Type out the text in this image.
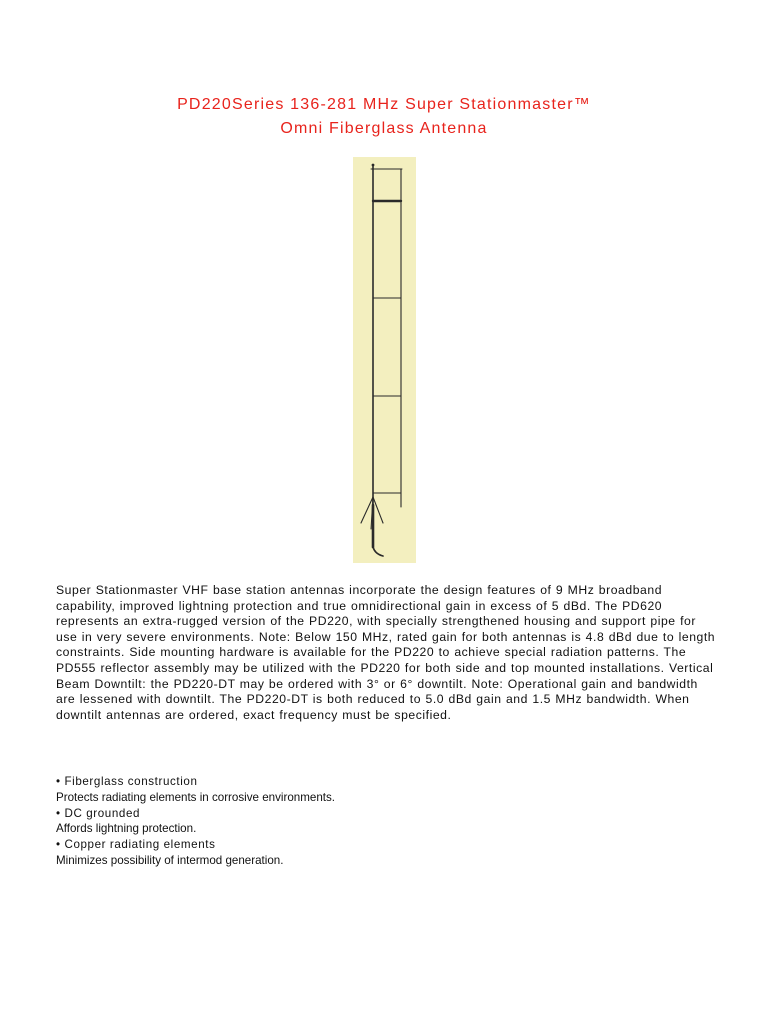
PD220Series 136-281 MHz Super Stationmaster™
Omni Fiberglass Antenna

Super Stationmaster VHF base station antennas incorporate the design features of 9 MHz broadband capability, improved lightning protection and true omnidirectional gain in excess of 5 dBd. The PD620 represents an extra-rugged version of the PD220, with specially strengthened housing and support pipe for use in very severe environments. Note: Below 150 MHz, rated gain for both antennas is 4.8 dBd due to length constraints. Side mounting hardware is available for the PD220 to achieve special radiation patterns. The PD555 reflector assembly may be utilized with the PD220 for both side and top mounted installations. Vertical Beam Downtilt: the PD220-DT may be ordered with 3° or 6° downtilt. Note: Operational gain and bandwidth are lessened with downtilt. The PD220-DT is both reduced to 5.0 dBd gain and 1.5 MHz bandwidth. When downtilt antennas are ordered, exact frequency must be specified.

• Fiberglass construction
Protects radiating elements in corrosive environments.
• DC grounded
Affords lightning protection.
• Copper radiating elements
Minimizes possibility of intermod generation.
